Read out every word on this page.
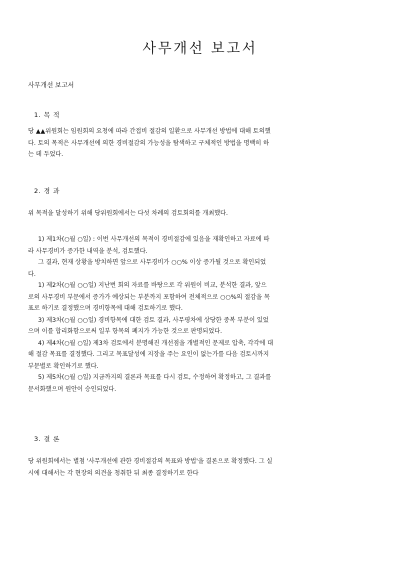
사무개선 보고서
사무개선 보고서
1. 목 적
당 ▲▲위원회는 임원회의 요청에 따라 간접비 절감의 일환으로 사무개선 방법에 대해 토의했
다. 토의 목적은 사무개선에 의한 경비절감의 가능성을 탐색하고 구체적인 방법을 명백히 하
는 데 두었다.
2. 경 과
위 목적을 달성하기 위해 당위원회에서는 다섯 차례의 검토회의를 개최했다.
1) 제1차(○월 ○일) : 이번 사무개선의 목적이 경비절감에 있음을 재확인하고 자료에 따
라 사무경비가 증가한 내역을 분석, 검토했다.
그 결과, 현재 상황을 방치하면 앞으로 사무경비가 ○○% 이상 증가될 것으로 확인되었
다.
1) 제2차(○월 ○○일) 지난번 회의 자료를 바탕으로 각 위원이 비교, 분석한 결과, 앞으
로의 사무경비 부문에서 증가가 예상되는 부분까지 포함하여 전체적으로 ○○%의 절감을 목
표로 하기로 결정했으며 경비항목에 대해 검토하기로 했다.
3) 제3차(○월 ○○일) 경비항목에 대한 검토 결과, 사무평차에 상당한 중복 부분이 있었
으며 이를 합리화함으로써 일부 항목의 폐지가 가능한 것으로 판명되었다.
4) 제4차(○월 ○일) 제3차 검토에서 분명해진 개선점을 개별적인 문제로 압축, 각각에 대
해 절감 목표를 결정했다. 그리고 목표달성에 지장을 주는 요인이 없는가를 다음 검토시까지
부문별로 확인하기로 했다.
5) 제5차(○월 ○일) 지금까지의 결론과 목표를 다시 검토, 수정하여 확정하고, 그 결과를
문서화했으며 원안이 승인되었다.
3. 결 론
당 위원회에서는 별첨 '사무개선에 관한 경비절감의 목표와 방법'을 결론으로 확정했다. 그 실
시에 대해서는 각 현장의 의견을 청취한 뒤 최종 결정하기로 한다
